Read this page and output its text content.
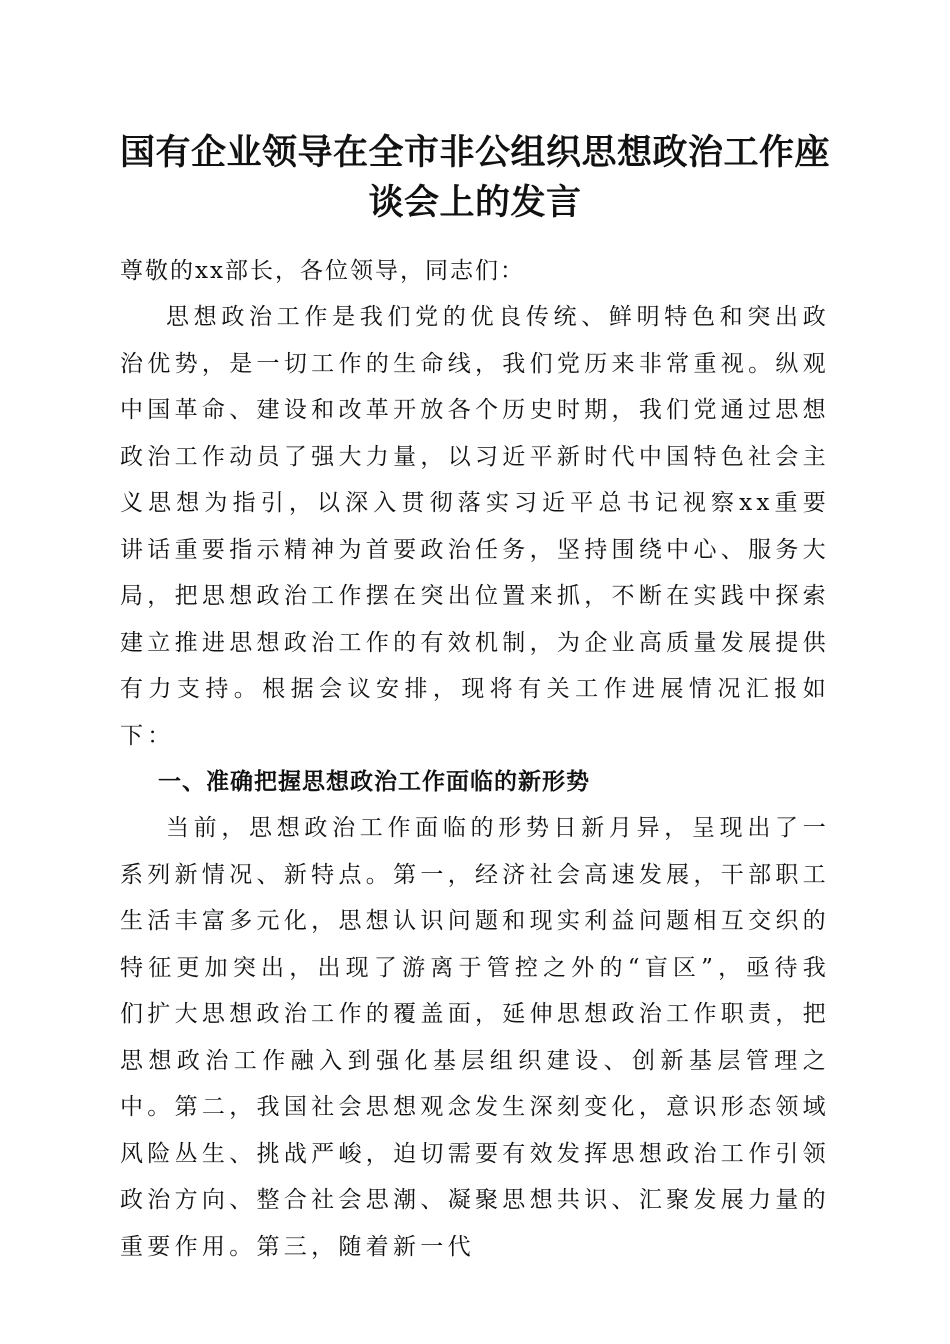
国有企业领导在全市非公组织思想政治工作座
谈会上的发言

尊敬的xx部长，各位领导，同志们：

思想政治工作是我们党的优良传统、鲜明特色和突出政治优势，是一切工作的生命线，我们党历来非常重视。纵观中国革命、建设和改革开放各个历史时期，我们党通过思想政治工作动员了强大力量，以习近平新时代中国特色社会主义思想为指引，以深入贯彻落实习近平总书记视察xx重要讲话重要指示精神为首要政治任务，坚持围绕中心、服务大局，把思想政治工作摆在突出位置来抓，不断在实践中探索建立推进思想政治工作的有效机制，为企业高质量发展提供有力支持。根据会议安排，现将有关工作进展情况汇报如下：

一、准确把握思想政治工作面临的新形势

当前，思想政治工作面临的形势日新月异，呈现出了一系列新情况、新特点。第一，经济社会高速发展，干部职工生活丰富多元化，思想认识问题和现实利益问题相互交织的特征更加突出，出现了游离于管控之外的“盲区”，亟待我们扩大思想政治工作的覆盖面，延伸思想政治工作职责，把思想政治工作融入到强化基层组织建设、创新基层管理之中。第二，我国社会思想观念发生深刻变化，意识形态领域风险丛生、挑战严峻，迫切需要有效发挥思想政治工作引领政治方向、整合社会思潮、凝聚思想共识、汇聚发展力量的重要作用。第三，随着新一代
